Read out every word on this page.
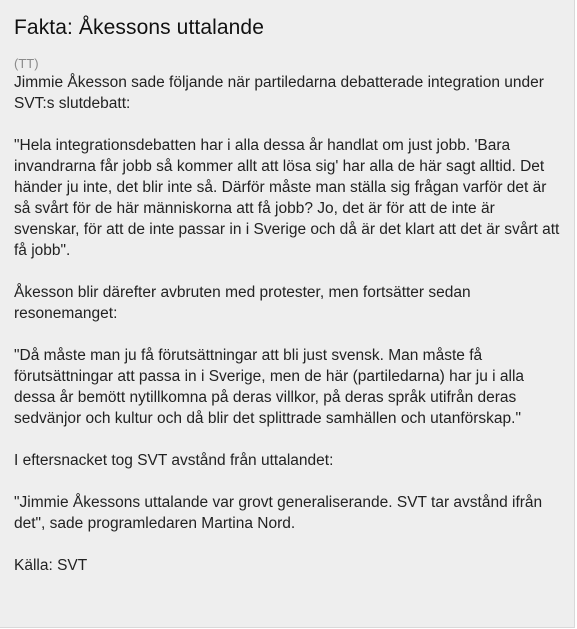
Fakta: Åkessons uttalande
(TT)

Jimmie Åkesson sade följande när partiledarna debatterade integration under SVT:s slutdebatt:

"Hela integrationsdebatten har i alla dessa år handlat om just jobb. 'Bara invandrarna får jobb så kommer allt att lösa sig' har alla de här sagt alltid. Det händer ju inte, det blir inte så. Därför måste man ställa sig frågan varför det är så svårt för de här människorna att få jobb? Jo, det är för att de inte är svenskar, för att de inte passar in i Sverige och då är det klart att det är svårt att få jobb".

Åkesson blir därefter avbruten med protester, men fortsätter sedan resonemanget:

"Då måste man ju få förutsättningar att bli just svensk. Man måste få förutsättningar att passa in i Sverige, men de här (partiledarna) har ju i alla dessa år bemött nytillkomna på deras villkor, på deras språk utifrån deras sedvänjor och kultur och då blir det splittrade samhällen och utanförskap."

I eftersnacket tog SVT avstånd från uttalandet:

"Jimmie Åkessons uttalande var grovt generaliserande. SVT tar avstånd ifrån det", sade programledaren Martina Nord.

Källa: SVT
